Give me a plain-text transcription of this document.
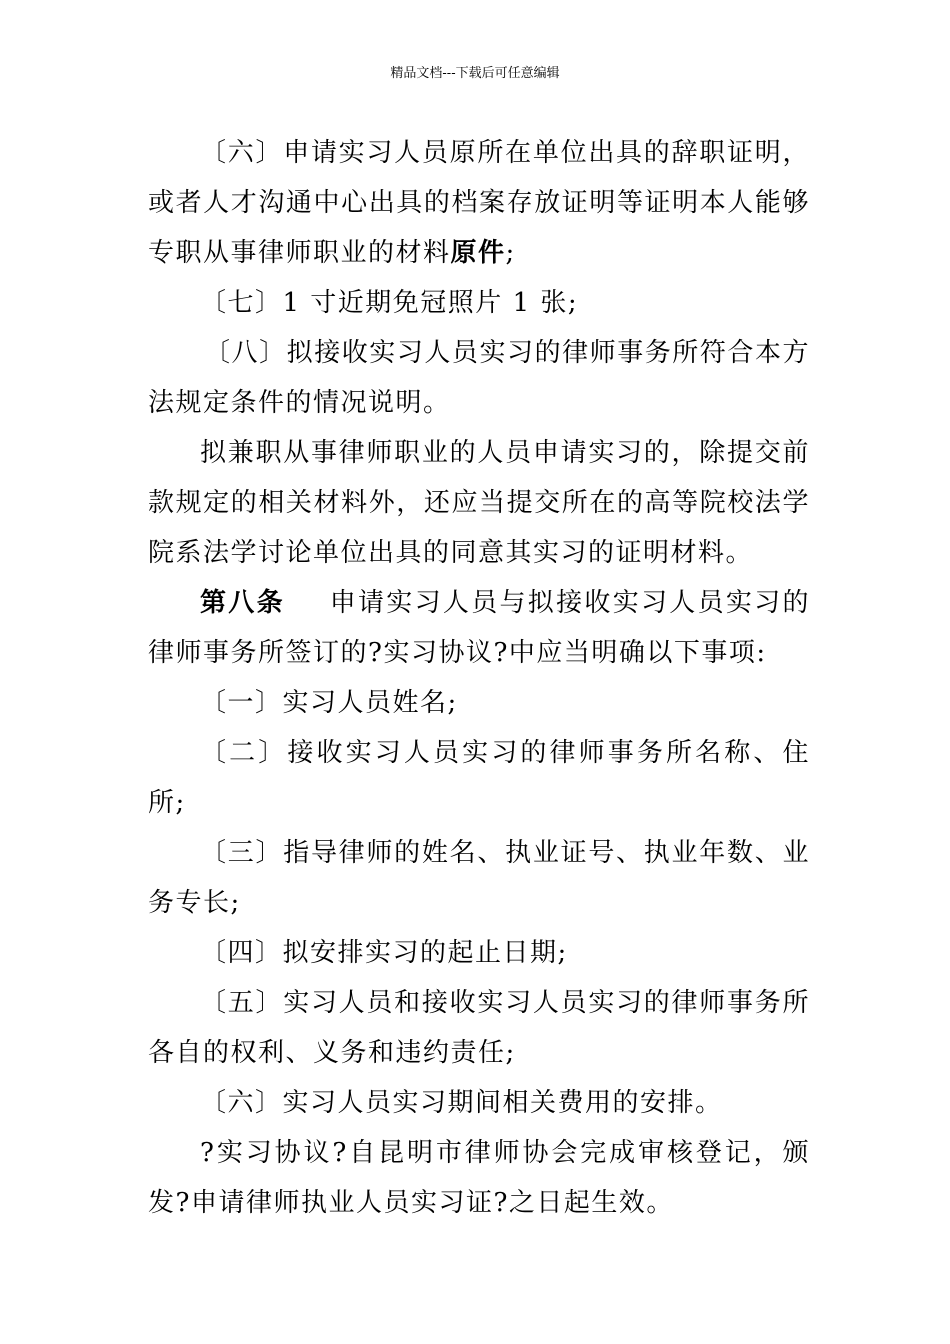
精品文档---下载后可任意编辑

〔六〕申请实习人员原所在单位出具的辞职证明，或者人才沟通中心出具的档案存放证明等证明本人能够专职从事律师职业的材料原件;

〔七〕1 寸近期免冠照片 1 张;

〔八〕拟接收实习人员实习的律师事务所符合本方法规定条件的情况说明。

拟兼职从事律师职业的人员申请实习的，除提交前款规定的相关材料外，还应当提交所在的高等院校法学院系法学讨论单位出具的同意其实习的证明材料。

第八条 申请实习人员与拟接收实习人员实习的律师事务所签订的?实习协议?中应当明确以下事项:

〔一〕实习人员姓名;

〔二〕接收实习人员实习的律师事务所名称、住所;

〔三〕指导律师的姓名、执业证号、执业年数、业务专长;

〔四〕拟安排实习的起止日期;

〔五〕实习人员和接收实习人员实习的律师事务所各自的权利、义务和违约责任;

〔六〕实习人员实习期间相关费用的安排。

?实习协议?自昆明市律师协会完成审核登记，颁发?申请律师执业人员实习证?之日起生效。
